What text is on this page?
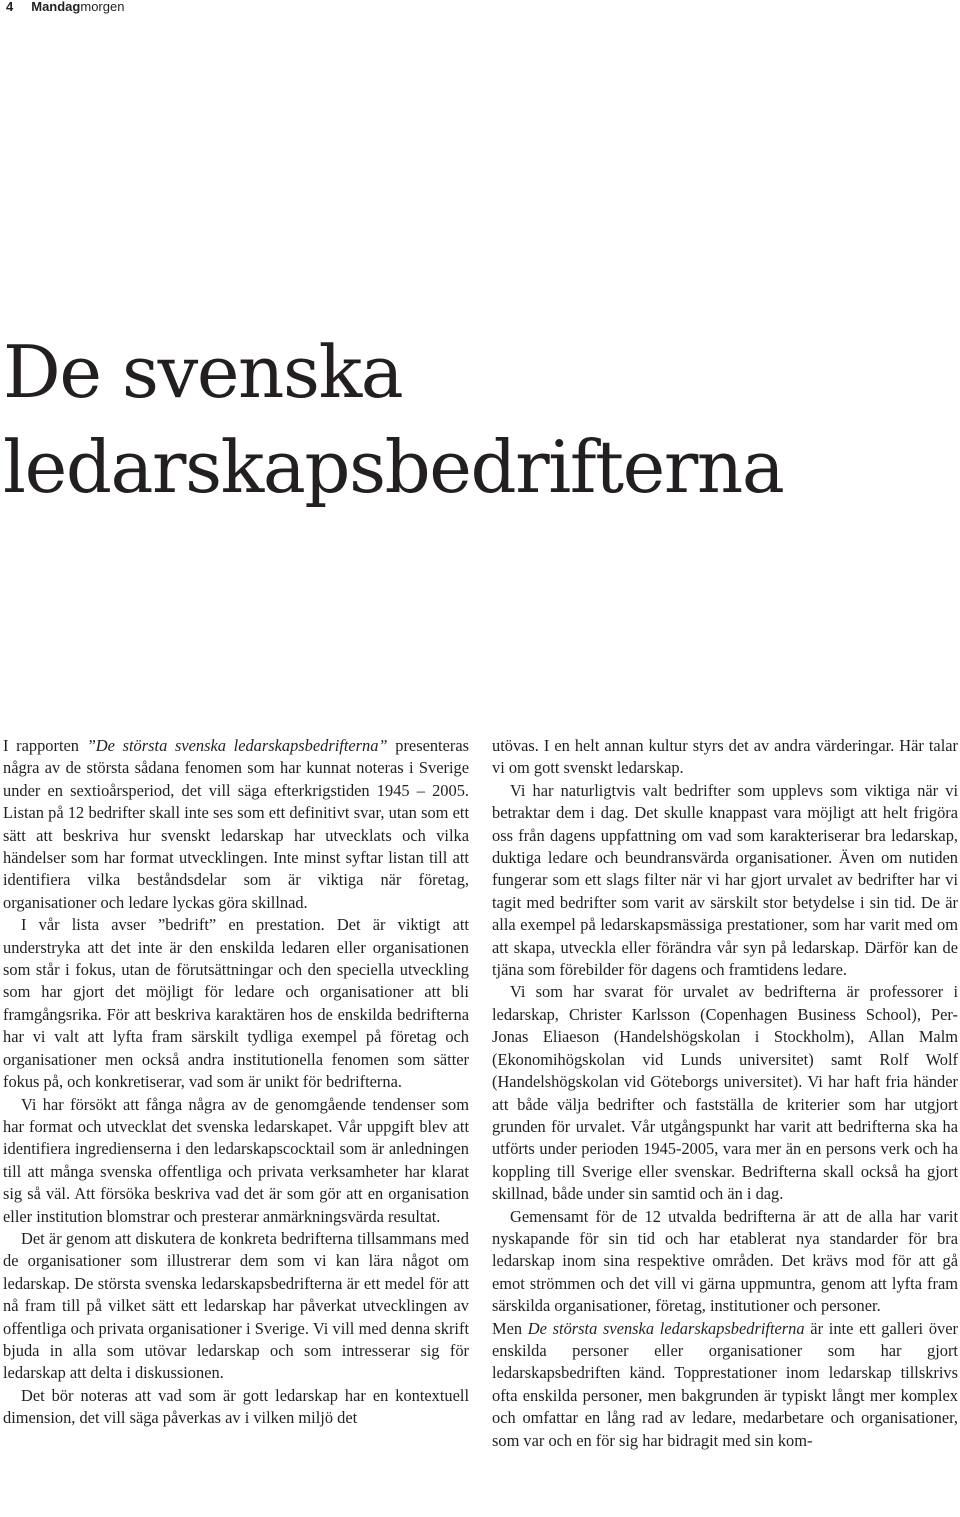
4 Mandagmorgen
De svenska
ledarskapsbedrifterna

I rapporten ”De största svenska ledarskapsbedrifterna” presenteras några av de största sådana fenomen som har kunnat noteras i Sverige under en sextioårsperiod, det vill säga efterkrigstiden 1945 – 2005. Listan på 12 bedrifter skall inte ses som ett definitivt svar, utan som ett sätt att beskriva hur svenskt ledarskap har utvecklats och vilka händelser som har format utvecklingen. Inte minst syftar listan till att identifiera vilka beståndsdelar som är viktiga när företag, organisationer och ledare lyckas göra skillnad.

I vår lista avser ”bedrift” en prestation. Det är viktigt att understryka att det inte är den enskilda ledaren eller organisationen som står i fokus, utan de förutsättningar och den speciella utveckling som har gjort det möjligt för ledare och organisationer att bli framgångsrika. För att beskriva karaktären hos de enskilda bedrifterna har vi valt att lyfta fram särskilt tydliga exempel på företag och organisationer men också andra institutionella fenomen som sätter fokus på, och konkretiserar, vad som är unikt för bedrifterna.

Vi har försökt att fånga några av de genomgående tendenser som har format och utvecklat det svenska ledarskapet. Vår uppgift blev att identifiera ingredienserna i den ledarskapscocktail som är anledningen till att många svenska offentliga och privata verksamheter har klarat sig så väl. Att försöka beskriva vad det är som gör att en organisation eller institution blomstrar och presterar anmärkningsvärda resultat.

Det är genom att diskutera de konkreta bedrifterna tillsammans med de organisationer som illustrerar dem som vi kan lära något om ledarskap. De största svenska ledarskapsbedrifterna är ett medel för att nå fram till på vilket sätt ett ledarskap har påverkat utvecklingen av offentliga och privata organisationer i Sverige. Vi vill med denna skrift bjuda in alla som utövar ledarskap och som intresserar sig för ledarskap att delta i diskussionen.

Det bör noteras att vad som är gott ledarskap har en kontextuell dimension, det vill säga påverkas av i vilken miljö det

utövas. I en helt annan kultur styrs det av andra värderingar. Här talar vi om gott svenskt ledarskap.

Vi har naturligtvis valt bedrifter som upplevs som viktiga när vi betraktar dem i dag. Det skulle knappast vara möjligt att helt frigöra oss från dagens uppfattning om vad som karakteriserar bra ledarskap, duktiga ledare och beundransvärda organisationer. Även om nutiden fungerar som ett slags filter när vi har gjort urvalet av bedrifter har vi tagit med bedrifter som varit av särskilt stor betydelse i sin tid. De är alla exempel på ledarskapsmässiga prestationer, som har varit med om att skapa, utveckla eller förändra vår syn på ledarskap. Därför kan de tjäna som förebilder för dagens och framtidens ledare.

Vi som har svarat för urvalet av bedrifterna är professorer i ledarskap, Christer Karlsson (Copenhagen Business School), Per-Jonas Eliaeson (Handelshögskolan i Stockholm), Allan Malm (Ekonomihögskolan vid Lunds universitet) samt Rolf Wolf (Handelshögskolan vid Göteborgs universitet). Vi har haft fria händer att både välja bedrifter och fastställa de kriterier som har utgjort grunden för urvalet. Vår utgångspunkt har varit att bedrifterna ska ha utförts under perioden 1945-2005, vara mer än en persons verk och ha koppling till Sverige eller svenskar. Bedrifterna skall också ha gjort skillnad, både under sin samtid och än i dag.

Gemensamt för de 12 utvalda bedrifterna är att de alla har varit nyskapande för sin tid och har etablerat nya standarder för bra ledarskap inom sina respektive områden. Det krävs mod för att gå emot strömmen och det vill vi gärna uppmuntra, genom att lyfta fram särskilda organisationer, företag, institutioner och personer.

Men De största svenska ledarskapsbedrifterna är inte ett galleri över enskilda personer eller organisationer som har gjort ledarskapsbedriften känd. Topprestationer inom ledarskap tillskrivs ofta enskilda personer, men bakgrunden är typiskt långt mer komplex och omfattar en lång rad av ledare, medarbetare och organisationer, som var och en för sig har bidragit med sin kom-
